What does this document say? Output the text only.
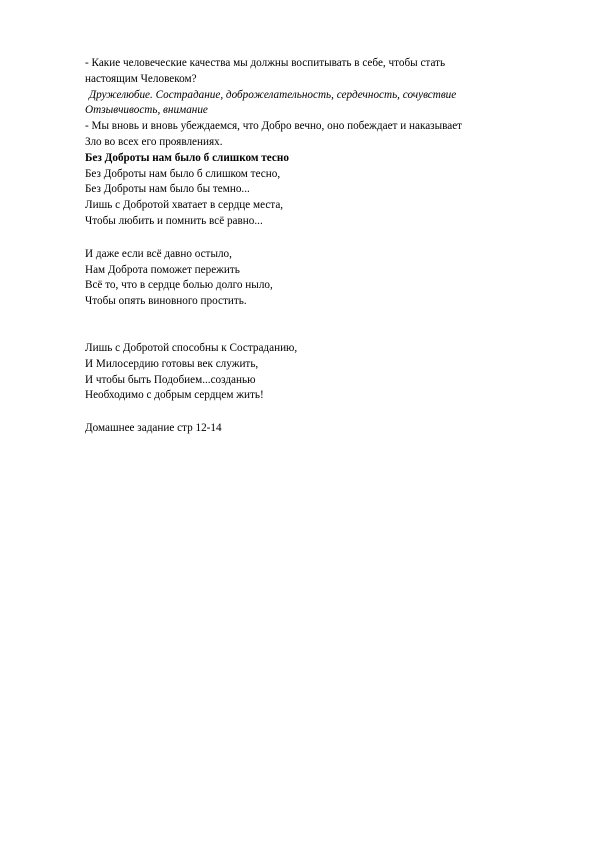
- Какие человеческие качества мы должны воспитывать в себе, чтобы стать
настоящим Человеком?
Дружелюбие. Сострадание, доброжелательность, сердечность, сочувствие
Отзывчивость, внимание
- Мы вновь и вновь убеждаемся, что Добро вечно, оно побеждает и наказывает
Зло во всех его проявлениях.
Без Доброты нам было б слишком тесно
Без Доброты нам было б слишком тесно,
Без Доброты нам было бы темно...
Лишь с Добротой хватает в сердце места,
Чтобы любить и помнить всё равно...
И даже если всё давно остыло,
Нам Доброта поможет пережить
Всё то, что в сердце болью долго ныло,
Чтобы опять виновного простить.
Лишь с Добротой способны к Состраданию,
И Милосердию готовы век служить,
И чтобы быть Подобием...созданью
Необходимо с добрым сердцем жить!
Домашнее задание стр 12-14
